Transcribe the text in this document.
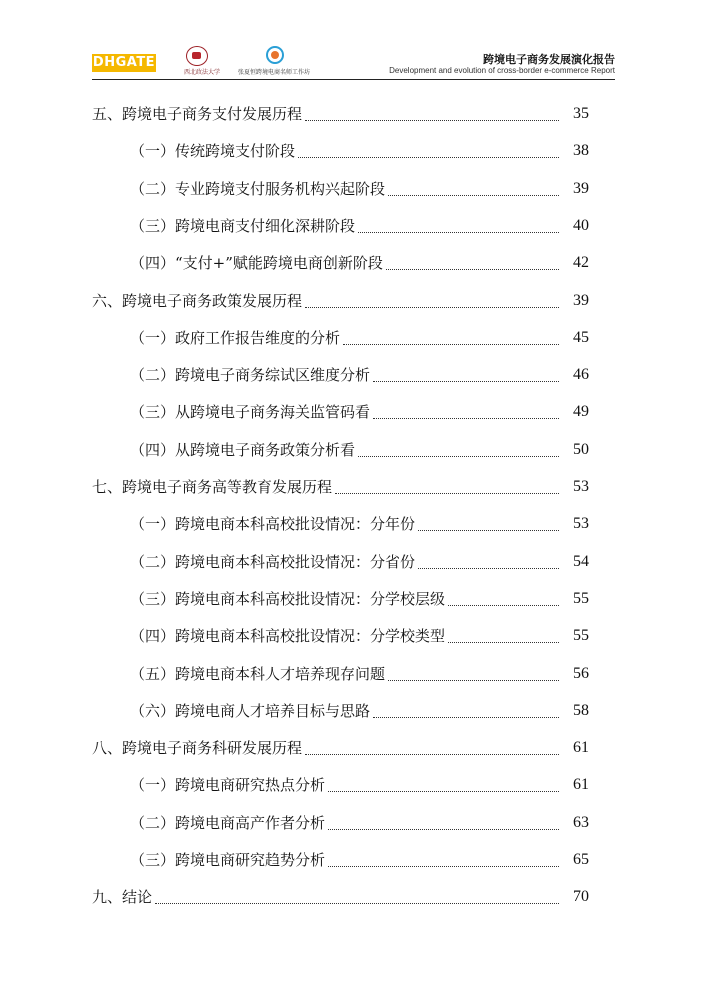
DHGATE
西北政法大学	张夏恒跨境电商名师工作坊
跨境电子商务发展演化报告
Development and evolution of cross-border e-commerce Report
五、跨境电子商务支付发展历程	35
（一）传统跨境支付阶段	38
（二）专业跨境支付服务机构兴起阶段	39
（三）跨境电商支付细化深耕阶段	40
（四）“支付+”赋能跨境电商创新阶段	42
六、跨境电子商务政策发展历程	39
（一）政府工作报告维度的分析	45
（二）跨境电子商务综试区维度分析	46
（三）从跨境电子商务海关监管码看	49
（四）从跨境电子商务政策分析看	50
七、跨境电子商务高等教育发展历程	53
（一）跨境电商本科高校批设情况：分年份	53
（二）跨境电商本科高校批设情况：分省份	54
（三）跨境电商本科高校批设情况：分学校层级	55
（四）跨境电商本科高校批设情况：分学校类型	55
（五）跨境电商本科人才培养现存问题	56
（六）跨境电商人才培养目标与思路	58
八、跨境电子商务科研发展历程	61
（一）跨境电商研究热点分析	61
（二）跨境电商高产作者分析	63
（三）跨境电商研究趋势分析	65
九、结论	70
